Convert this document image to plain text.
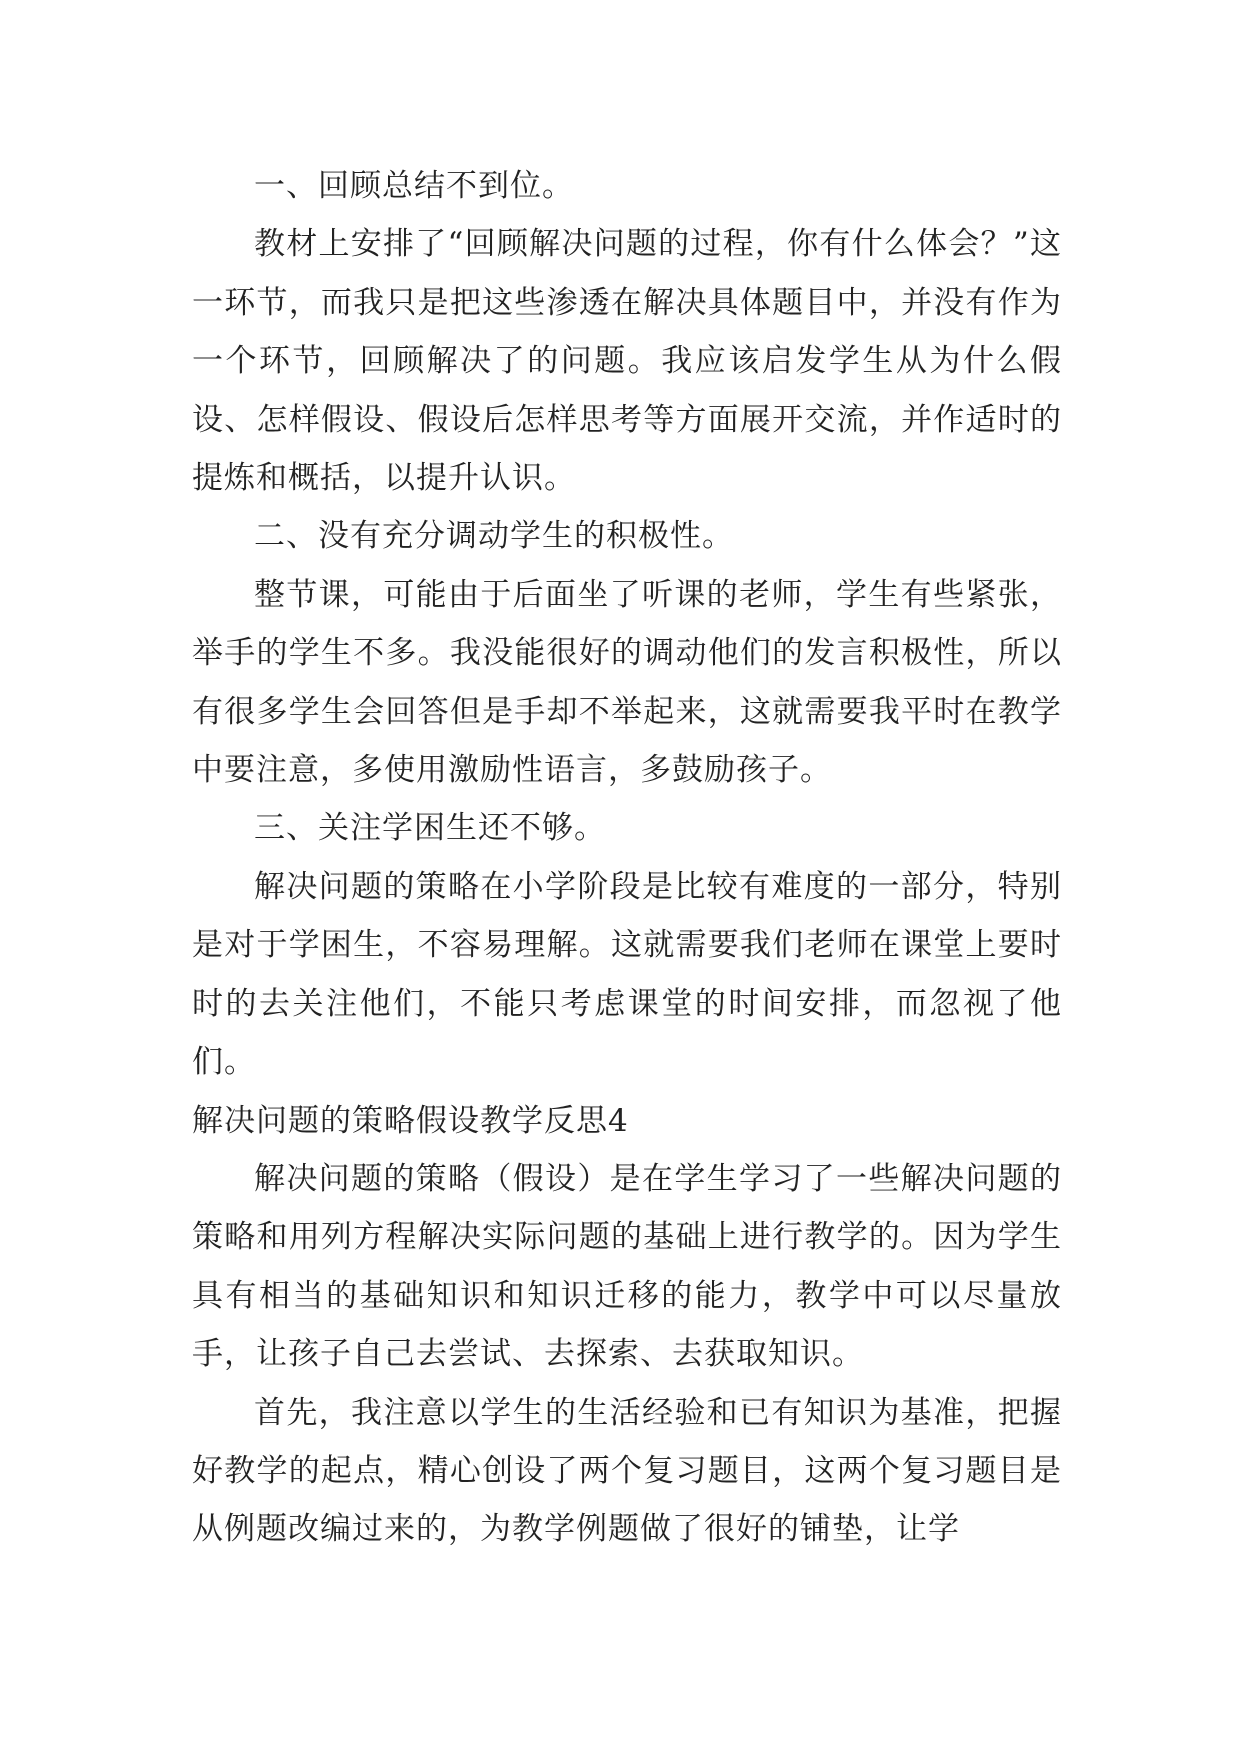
一、回顾总结不到位。

教材上安排了“回顾解决问题的过程，你有什么体会？”这一环节，而我只是把这些渗透在解决具体题目中，并没有作为一个环节，回顾解决了的问题。我应该启发学生从为什么假设、怎样假设、假设后怎样思考等方面展开交流，并作适时的提炼和概括，以提升认识。

二、没有充分调动学生的积极性。

整节课，可能由于后面坐了听课的老师，学生有些紧张，举手的学生不多。我没能很好的调动他们的发言积极性，所以有很多学生会回答但是手却不举起来，这就需要我平时在教学中要注意，多使用激励性语言，多鼓励孩子。

三、关注学困生还不够。

解决问题的策略在小学阶段是比较有难度的一部分，特别是对于学困生，不容易理解。这就需要我们老师在课堂上要时时的去关注他们，不能只考虑课堂的时间安排，而忽视了他们。

解决问题的策略假设教学反思4

解决问题的策略（假设）是在学生学习了一些解决问题的策略和用列方程解决实际问题的基础上进行教学的。因为学生具有相当的基础知识和知识迁移的能力，教学中可以尽量放手，让孩子自己去尝试、去探索、去获取知识。

首先，我注意以学生的生活经验和已有知识为基准，把握好教学的起点，精心创设了两个复习题目，这两个复习题目是从例题改编过来的，为教学例题做了很好的铺垫，让学
